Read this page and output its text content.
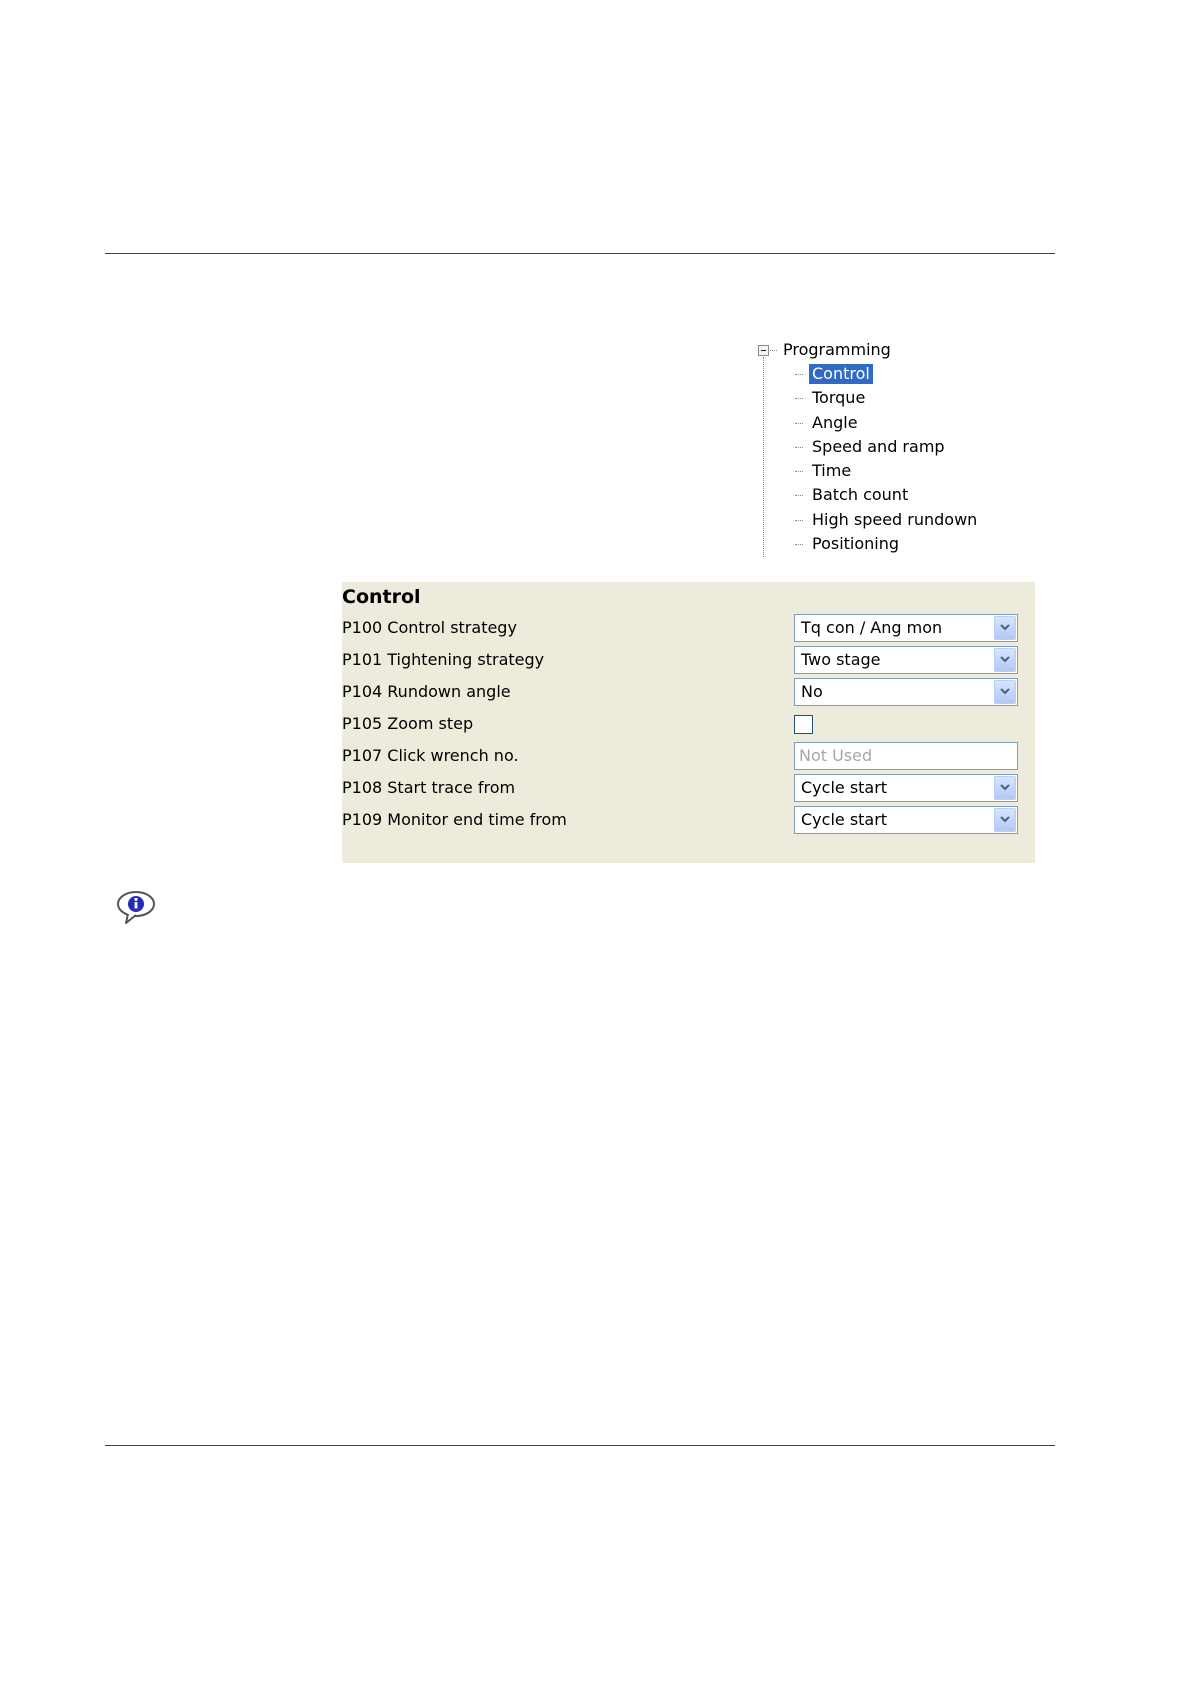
Programming
Control
Torque
Angle
Speed and ramp
Time
Batch count
High speed rundown
Positioning
Control
P100 Control strategy	Tq con / Ang mon
P101 Tightening strategy	Two stage
P104 Rundown angle	No
P105 Zoom step
P107 Click wrench no.	Not Used
P108 Start trace from	Cycle start
P109 Monitor end time from	Cycle start
